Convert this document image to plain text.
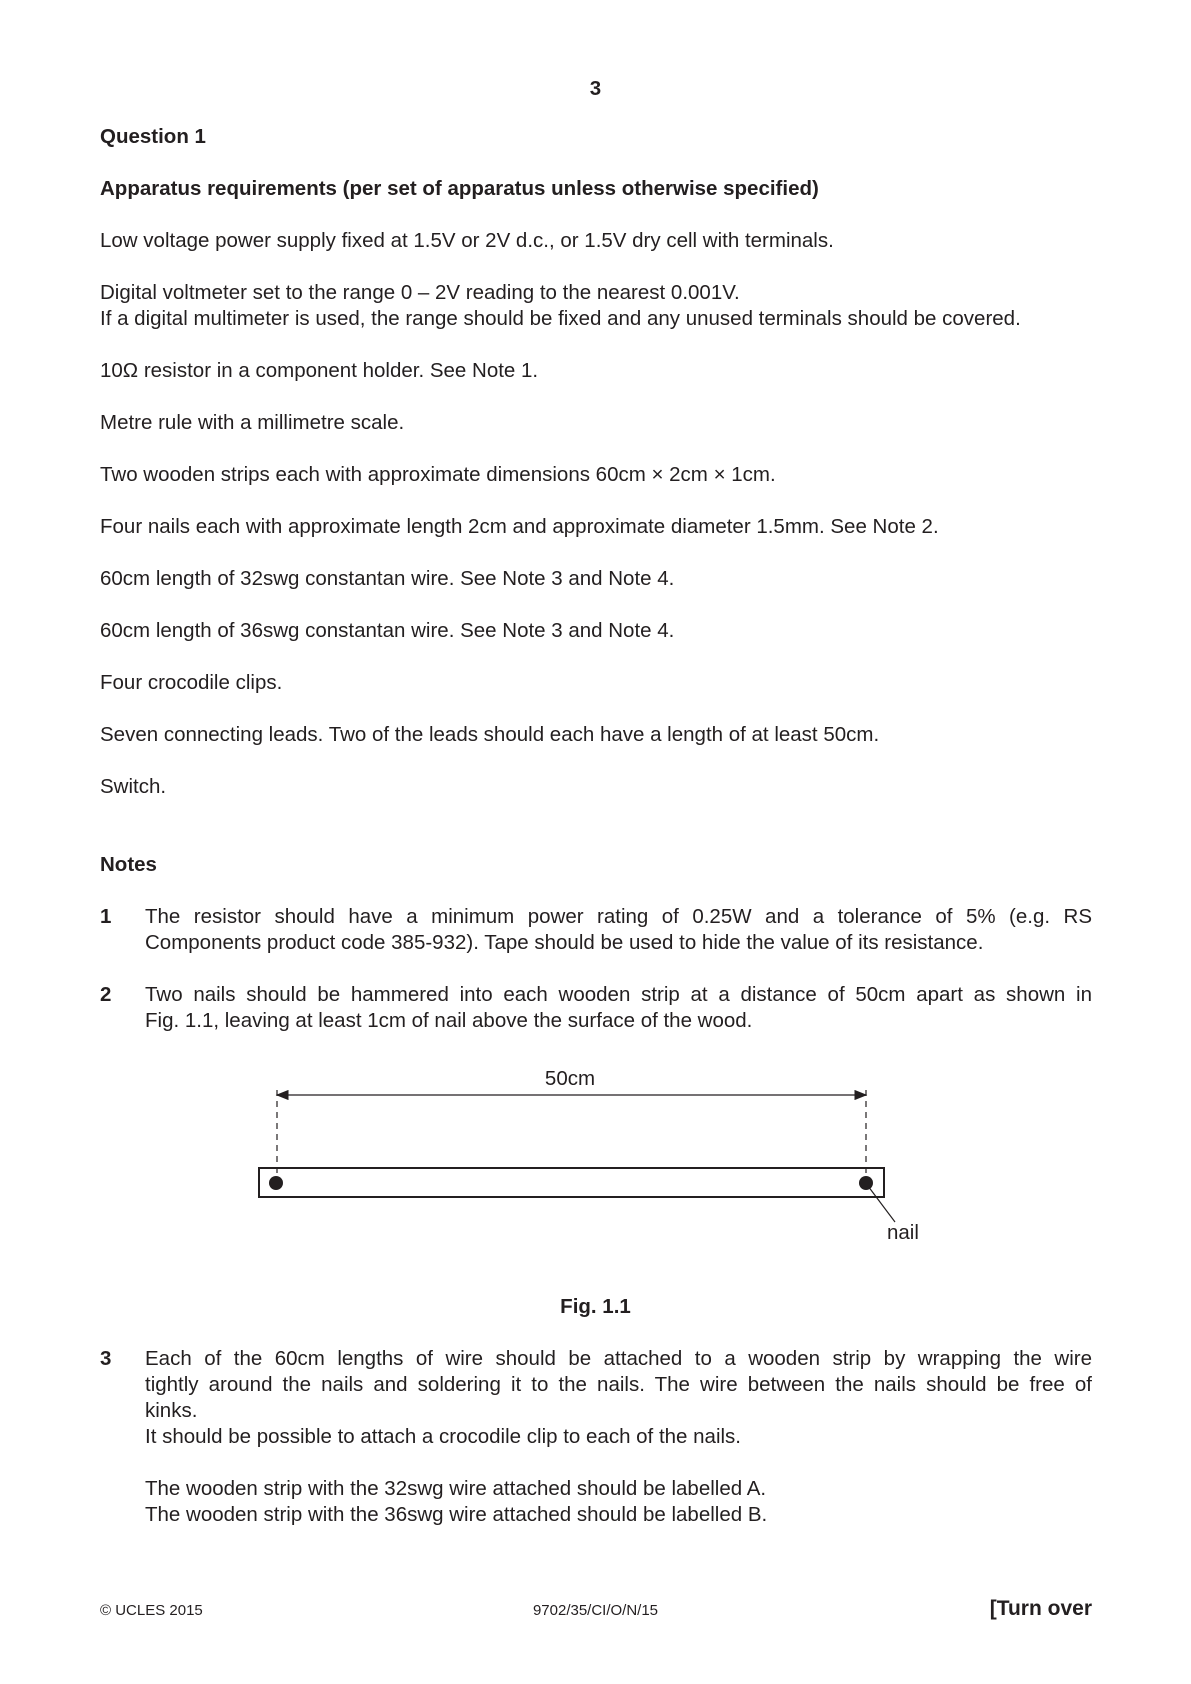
3
Question 1
Apparatus requirements (per set of apparatus unless otherwise specified)
Low voltage power supply fixed at 1.5V or 2V d.c., or 1.5V dry cell with terminals.
Digital voltmeter set to the range 0 – 2V reading to the nearest 0.001V.
If a digital multimeter is used, the range should be fixed and any unused terminals should be covered.
10Ω resistor in a component holder. See Note 1.
Metre rule with a millimetre scale.
Two wooden strips each with approximate dimensions 60cm × 2cm × 1cm.
Four nails each with approximate length 2cm and approximate diameter 1.5mm. See Note 2.
60cm length of 32swg constantan wire. See Note 3 and Note 4.
60cm length of 36swg constantan wire. See Note 3 and Note 4.
Four crocodile clips.
Seven connecting leads. Two of the leads should each have a length of at least 50cm.
Switch.
Notes
1 The resistor should have a minimum power rating of 0.25W and a tolerance of 5% (e.g. RS
Components product code 385-932). Tape should be used to hide the value of its resistance.
2 Two nails should be hammered into each wooden strip at a distance of 50cm apart as shown in
Fig. 1.1, leaving at least 1cm of nail above the surface of the wood.
50cm
nail
Fig. 1.1
3 Each of the 60cm lengths of wire should be attached to a wooden strip by wrapping the wire
tightly around the nails and soldering it to the nails. The wire between the nails should be free of
kinks.
It should be possible to attach a crocodile clip to each of the nails.
The wooden strip with the 32swg wire attached should be labelled A.
The wooden strip with the 36swg wire attached should be labelled B.
© UCLES 2015	9702/35/CI/O/N/15	[Turn over
